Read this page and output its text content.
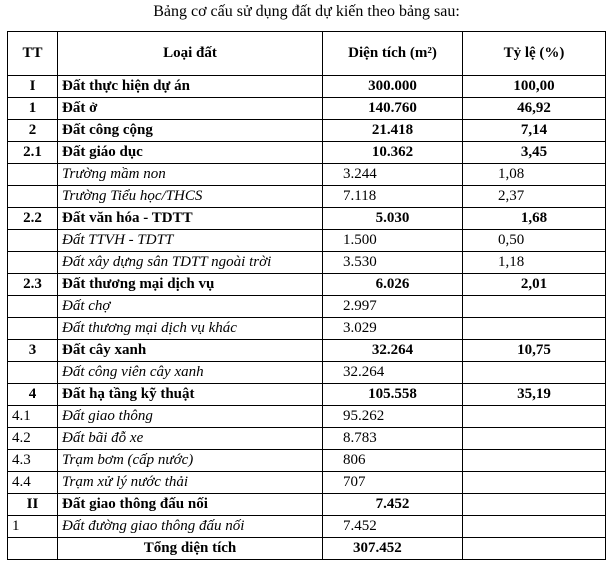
Bảng cơ cấu sử dụng đất dự kiến theo bảng sau:
TT	Loại đất	Diện tích (m²)	Tỷ lệ (%)
I	Đất thực hiện dự án	300.000	100,00
1	Đất ở	140.760	46,92
2	Đất công cộng	21.418	7,14
2.1	Đất giáo dục	10.362	3,45
	Trường mầm non	3.244	1,08
	Trường Tiểu học/THCS	7.118	2,37
2.2	Đất văn hóa - TDTT	5.030	1,68
	Đất TTVH - TDTT	1.500	0,50
	Đất xây dựng sân TDTT ngoài trời	3.530	1,18
2.3	Đất thương mại dịch vụ	6.026	2,01
	Đất chợ	2.997	
	Đất thương mại dịch vụ khác	3.029	
3	Đất cây xanh	32.264	10,75
	Đất công viên cây xanh	32.264	
4	Đất hạ tầng kỹ thuật	105.558	35,19
4.1	Đất giao thông	95.262	
4.2	Đất bãi đỗ xe	8.783	
4.3	Trạm bơm (cấp nước)	806	
4.4	Trạm xử lý nước thải	707	
II	Đất giao thông đấu nối	7.452	
1	Đất đường giao thông đấu nối	7.452	
	Tổng diện tích	307.452	
